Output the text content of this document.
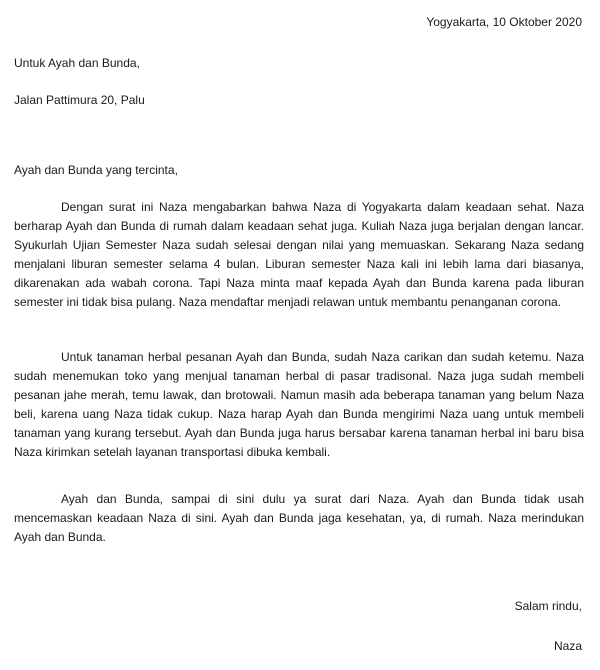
Yogyakarta, 10 Oktober 2020
Untuk Ayah dan Bunda,
Jalan Pattimura 20, Palu
Ayah dan Bunda yang tercinta,

Dengan surat ini Naza mengabarkan bahwa Naza di Yogyakarta dalam keadaan sehat. Naza berharap Ayah dan Bunda di rumah dalam keadaan sehat juga. Kuliah Naza juga berjalan dengan lancar. Syukurlah Ujian Semester Naza sudah selesai dengan nilai yang memuaskan. Sekarang Naza sedang menjalani liburan semester selama 4 bulan. Liburan semester Naza kali ini lebih lama dari biasanya, dikarenakan ada wabah corona. Tapi Naza minta maaf kepada Ayah dan Bunda karena pada liburan semester ini tidak bisa pulang. Naza mendaftar menjadi relawan untuk membantu penanganan corona.

Untuk tanaman herbal pesanan Ayah dan Bunda, sudah Naza carikan dan sudah ketemu. Naza sudah menemukan toko yang menjual tanaman herbal di pasar tradisonal. Naza juga sudah membeli pesanan jahe merah, temu lawak, dan brotowali. Namun masih ada beberapa tanaman yang belum Naza beli, karena uang Naza tidak cukup. Naza harap Ayah dan Bunda mengirimi Naza uang untuk membeli tanaman yang kurang tersebut. Ayah dan Bunda juga harus bersabar karena tanaman herbal ini baru bisa Naza kirimkan setelah layanan transportasi dibuka kembali.

Ayah dan Bunda, sampai di sini dulu ya surat dari Naza. Ayah dan Bunda tidak usah mencemaskan keadaan Naza di sini. Ayah dan Bunda jaga kesehatan, ya, di rumah. Naza merindukan Ayah dan Bunda.

Salam rindu,
Naza
